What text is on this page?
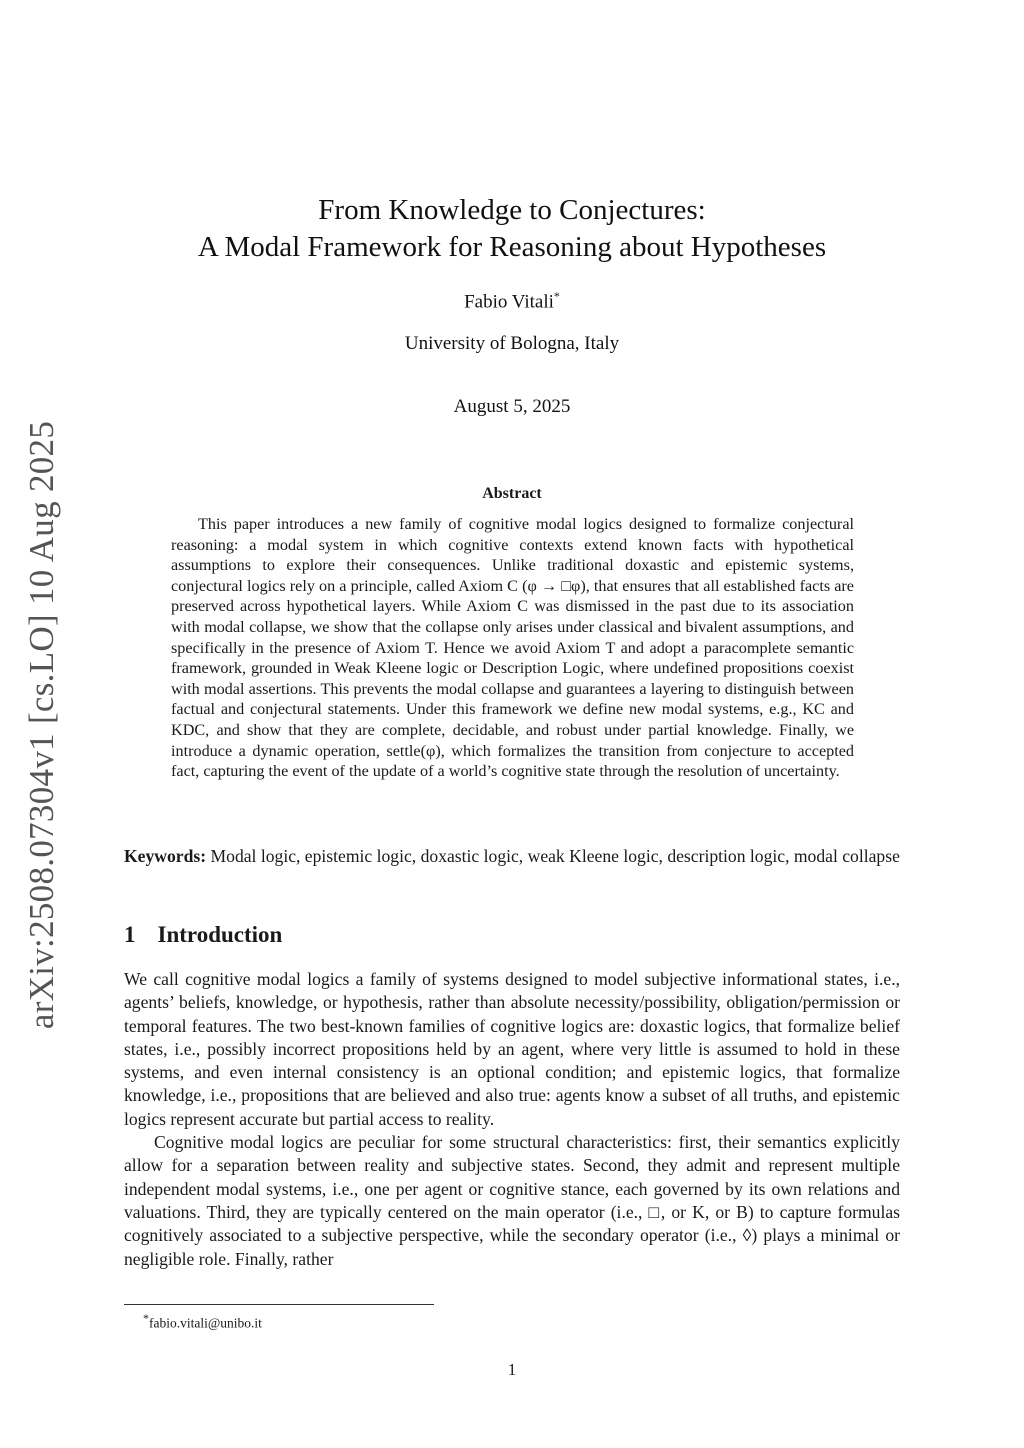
arXiv:2508.07304v1 [cs.LO] 10 Aug 2025
From Knowledge to Conjectures:
A Modal Framework for Reasoning about Hypotheses
Fabio Vitali*
University of Bologna, Italy
August 5, 2025
Abstract
This paper introduces a new family of cognitive modal logics designed to formalize conjectural reasoning: a modal system in which cognitive contexts extend known facts with hypothetical assumptions to explore their consequences. Unlike traditional doxastic and epistemic systems, conjectural logics rely on a principle, called Axiom C (φ → □φ), that ensures that all established facts are preserved across hypothetical layers. While Axiom C was dismissed in the past due to its association with modal collapse, we show that the collapse only arises under classical and bivalent assumptions, and specifically in the presence of Axiom T. Hence we avoid Axiom T and adopt a paracomplete semantic framework, grounded in Weak Kleene logic or Description Logic, where undefined propositions coexist with modal assertions. This prevents the modal collapse and guarantees a layering to distinguish between factual and conjectural statements. Under this framework we define new modal systems, e.g., KC and KDC, and show that they are complete, decidable, and robust under partial knowledge. Finally, we introduce a dynamic operation, settle(φ), which formalizes the transition from conjecture to accepted fact, capturing the event of the update of a world’s cognitive state through the resolution of uncertainty.
Keywords: Modal logic, epistemic logic, doxastic logic, weak Kleene logic, description logic, modal collapse
1 Introduction

We call cognitive modal logics a family of systems designed to model subjective informational states, i.e., agents’ beliefs, knowledge, or hypothesis, rather than absolute necessity/possibility, obligation/permission or temporal features. The two best-known families of cognitive logics are: doxastic logics, that formalize belief states, i.e., possibly incorrect propositions held by an agent, where very little is assumed to hold in these systems, and even internal consistency is an optional condition; and epistemic logics, that formalize knowledge, i.e., propositions that are believed and also true: agents know a subset of all truths, and epistemic logics represent accurate but partial access to reality.

Cognitive modal logics are peculiar for some structural characteristics: first, their semantics explicitly allow for a separation between reality and subjective states. Second, they admit and represent multiple independent modal systems, i.e., one per agent or cognitive stance, each governed by its own relations and valuations. Third, they are typically centered on the main operator (i.e., □, or K, or B) to capture formulas cognitively associated to a subjective perspective, while the secondary operator (i.e., ◊) plays a minimal or negligible role. Finally, rather

*fabio.vitali@unibo.it
1
